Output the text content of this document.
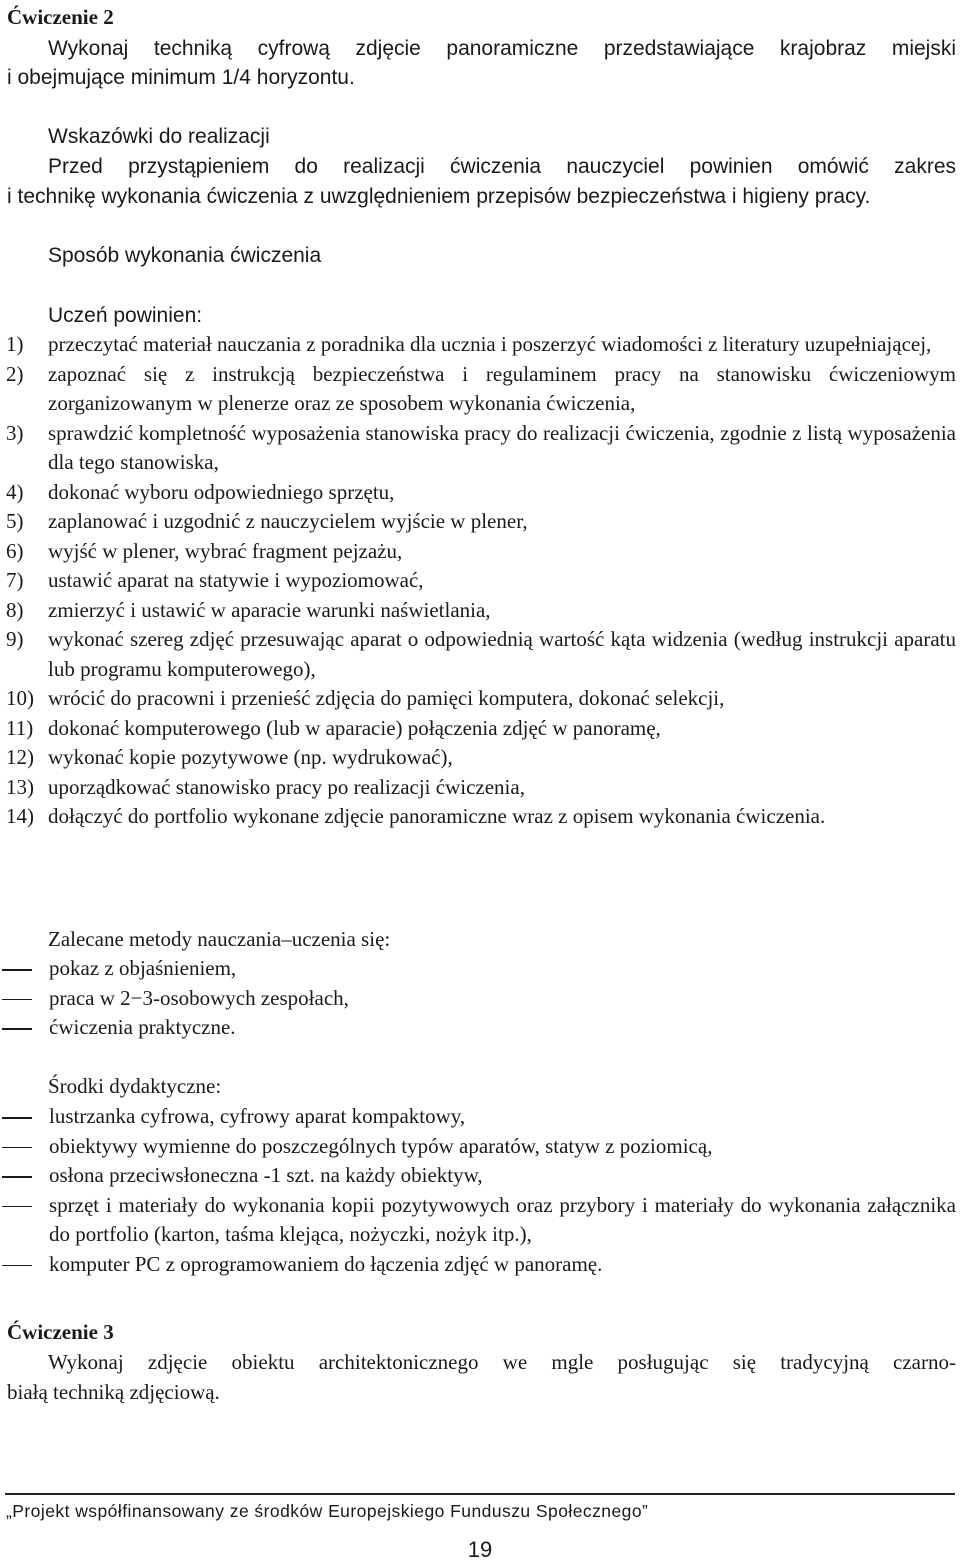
Ćwiczenie 2
Wykonaj techniką cyfrową zdjęcie panoramiczne przedstawiające krajobraz miejski
i obejmujące minimum 1/4 horyzontu.
Wskazówki do realizacji
Przed przystąpieniem do realizacji ćwiczenia nauczyciel powinien omówić zakres
i technikę wykonania ćwiczenia z uwzględnieniem przepisów bezpieczeństwa i higieny pracy.
Sposób wykonania ćwiczenia
Uczeń powinien:
1) przeczytać materiał nauczania z poradnika dla ucznia i poszerzyć wiadomości z literatury uzupełniającej,
2) zapoznać się z instrukcją bezpieczeństwa i regulaminem pracy na stanowisku ćwiczeniowym zorganizowanym w plenerze oraz ze sposobem wykonania ćwiczenia,
3) sprawdzić kompletność wyposażenia stanowiska pracy do realizacji ćwiczenia, zgodnie z listą wyposażenia dla tego stanowiska,
4) dokonać wyboru odpowiedniego sprzętu,
5) zaplanować i uzgodnić z nauczycielem wyjście w plener,
6) wyjść w plener, wybrać fragment pejzażu,
7) ustawić aparat na statywie i wypoziomować,
8) zmierzyć i ustawić w aparacie warunki naświetlania,
9) wykonać szereg zdjęć przesuwając aparat o odpowiednią wartość kąta widzenia (według instrukcji aparatu lub programu komputerowego),
10) wrócić do pracowni i przenieść zdjęcia do pamięci komputera, dokonać selekcji,
11) dokonać komputerowego (lub w aparacie) połączenia zdjęć w panoramę,
12) wykonać kopie pozytywowe (np. wydrukować),
13) uporządkować stanowisko pracy po realizacji ćwiczenia,
14) dołączyć do portfolio wykonane zdjęcie panoramiczne wraz z opisem wykonania ćwiczenia.
Zalecane metody nauczania–uczenia się:
pokaz z objaśnieniem,
praca w 2−3-osobowych zespołach,
ćwiczenia praktyczne.
Środki dydaktyczne:
lustrzanka cyfrowa, cyfrowy aparat kompaktowy,
obiektywy wymienne do poszczególnych typów aparatów, statyw z poziomicą,
osłona przeciwsłoneczna -1 szt. na każdy obiektyw,
sprzęt i materiały do wykonania kopii pozytywowych oraz przybory i materiały do wykonania załącznika do portfolio (karton, taśma klejąca, nożyczki, nożyk itp.),
komputer PC z oprogramowaniem do łączenia zdjęć w panoramę.
Ćwiczenie 3
Wykonaj zdjęcie obiektu architektonicznego we mgle posługując się tradycyjną czarno-
białą techniką zdjęciową.
„Projekt współfinansowany ze środków Europejskiego Funduszu Społecznego”
19
